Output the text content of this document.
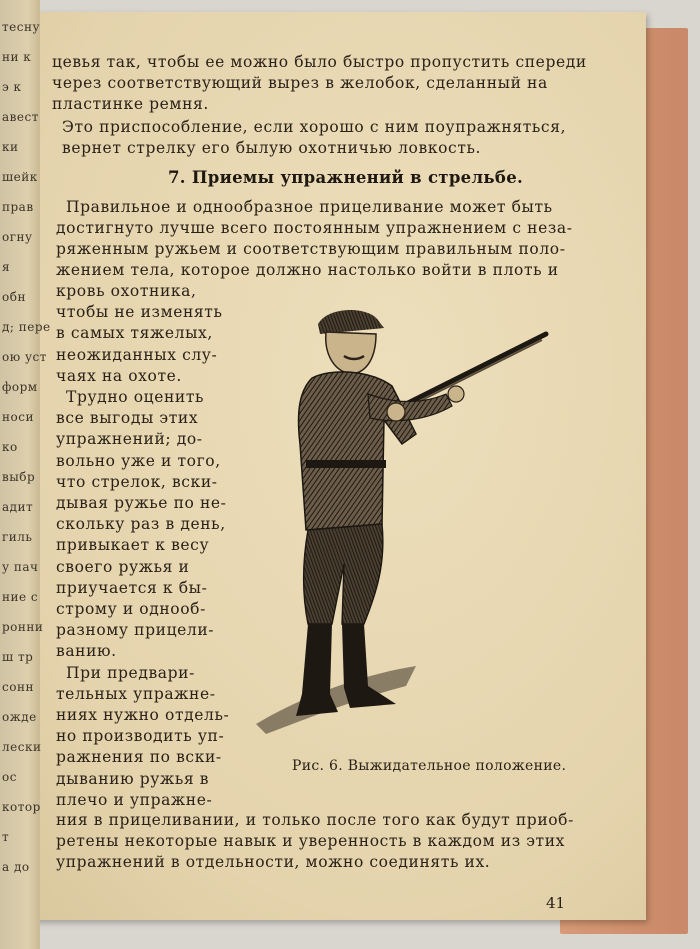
цевья так, чтобы ее можно было быстро пропустить спереди
через соответствующий вырез в желобок, сделанный на
пластинке ремня.
Это приспособление, если хорошо с ним поупражняться,
вернет стрелку его былую охотничью ловкость.
7. Приемы упражнений в стрельбе.
Правильное и однообразное прицеливание может быть
достигнуто лучше всего постоянным упражнением с неза-
ряженным ружьем и соответствующим правильным поло-
жением тела, которое должно настолько войти в плоть и
кровь охотника,
чтобы не изменять
в самых тяжелых,
неожиданных слу-
чаях на охоте.
Трудно оценить
все выгоды этих
упражнений; до-
вольно уже и того,
что стрелок, вски-
дывая ружье по не-
скольку раз в день,
привыкает к весу
своего ружья и
приучается к бы-
строму и однооб-
разному прицели-
ванию.
При предвари-
тельных упражне-
ниях нужно отдель-
но производить уп-
ражнения по вски-
дыванию ружья в
плечо и упражне-
Рис. 6. Выжидательное положение.
ния в прицеливании, и только после того как будут приоб-
ретены некоторые навык и уверенность в каждом из этих
упражнений в отдельности, можно соединять их.
41
тесну
ни к
э к
авест
ки
шейк
прав
огну
я
обн
д; пере
ою уст
форм
носи
ко
выбр
адит
гиль
у пач
ние с
ронни
ш тр
сонн
ожде
лески
ос
котор
т
а до
